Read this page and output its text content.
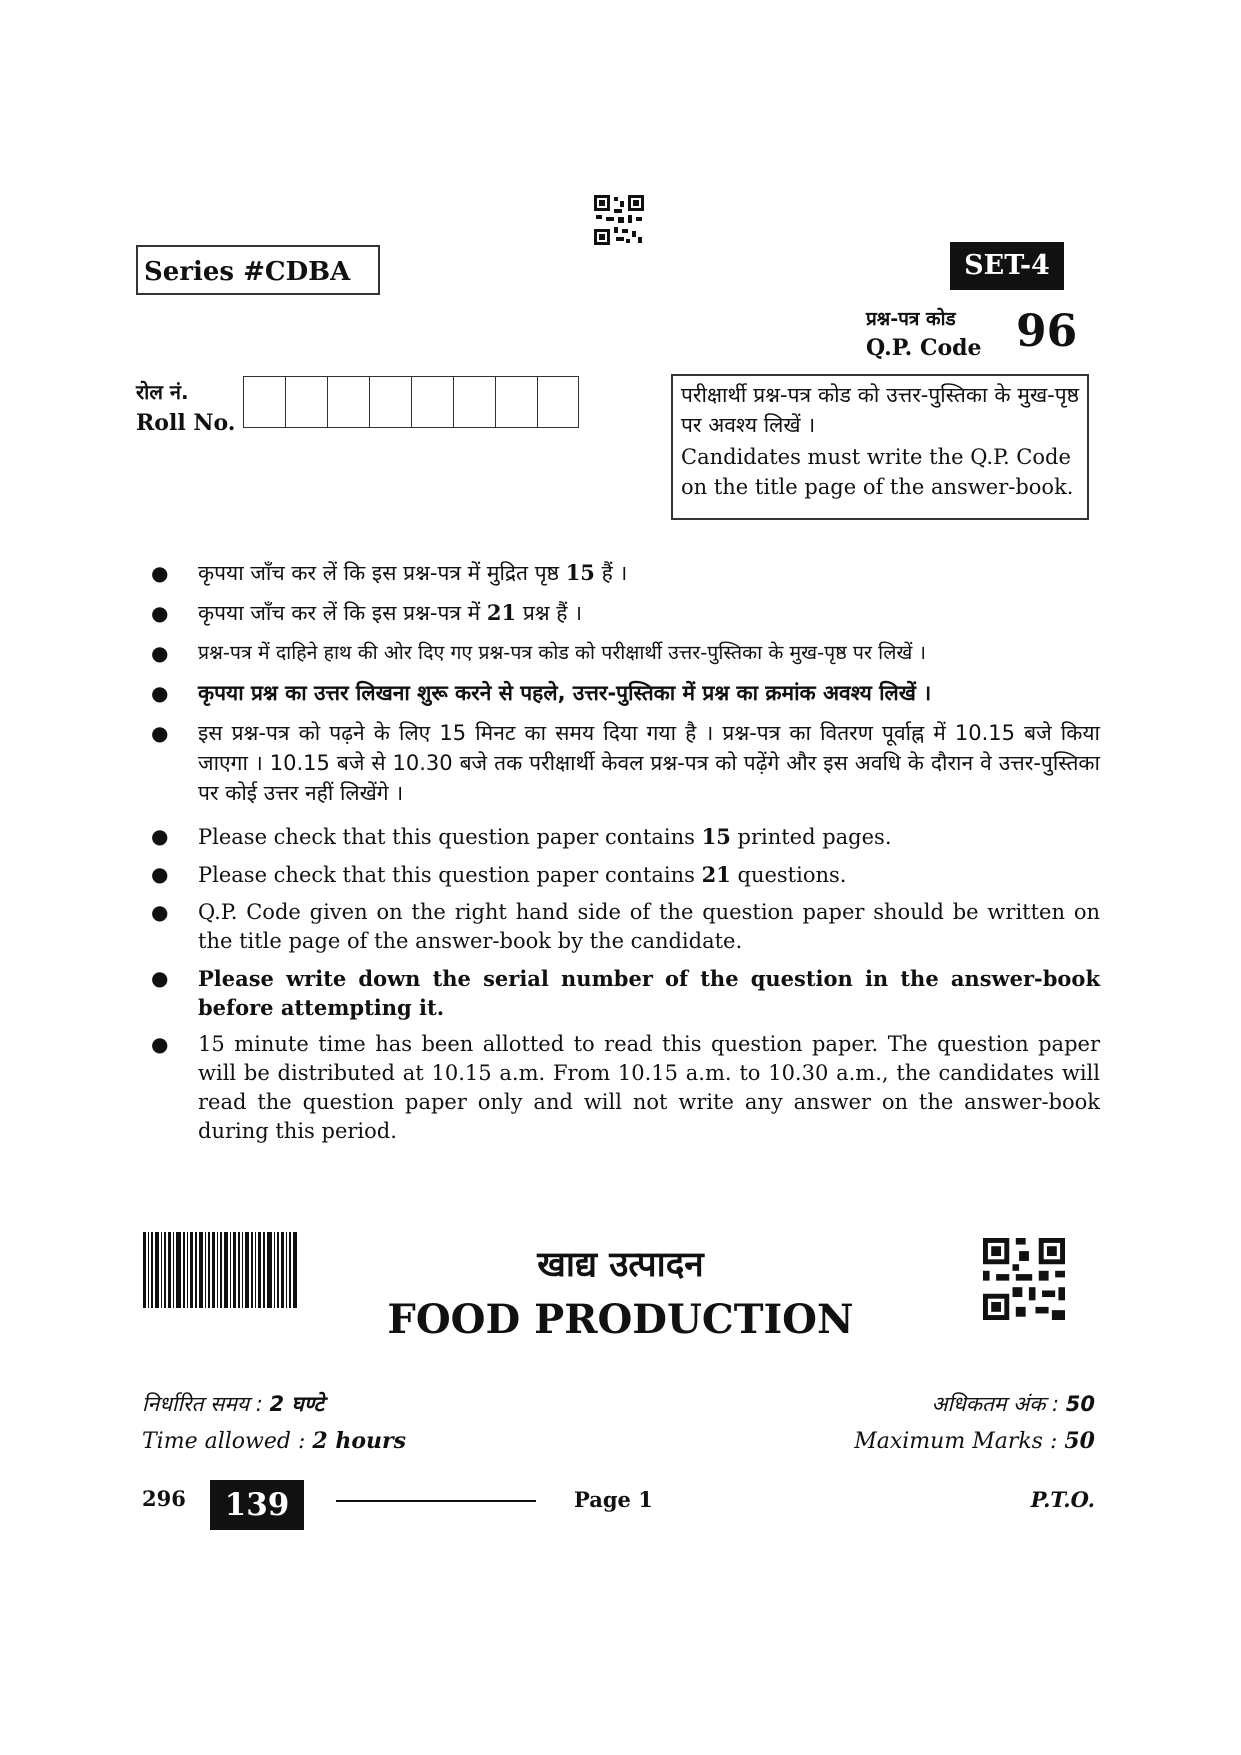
Series #CDBA	SET-4
प्रश्न-पत्र कोड
Q.P. Code 96
रोल नं.
Roll No.

परीक्षार्थी प्रश्न-पत्र कोड को उत्तर-पुस्तिका के मुख-पृष्ठ पर अवश्य लिखें ।

Candidates must write the Q.P. Code on the title page of the answer-book.

● कृपया जाँच कर लें कि इस प्रश्न-पत्र में मुद्रित पृष्ठ 15 हैं ।
● कृपया जाँच कर लें कि इस प्रश्न-पत्र में 21 प्रश्न हैं ।
● प्रश्न-पत्र में दाहिने हाथ की ओर दिए गए प्रश्न-पत्र कोड को परीक्षार्थी उत्तर-पुस्तिका के मुख-पृष्ठ पर लिखें ।
● कृपया प्रश्न का उत्तर लिखना शुरू करने से पहले, उत्तर-पुस्तिका में प्रश्न का क्रमांक अवश्य लिखें ।
● इस प्रश्न-पत्र को पढ़ने के लिए 15 मिनट का समय दिया गया है । प्रश्न-पत्र का वितरण पूर्वाह्न में 10.15 बजे किया जाएगा । 10.15 बजे से 10.30 बजे तक परीक्षार्थी केवल प्रश्न-पत्र को पढ़ेंगे और इस अवधि के दौरान वे उत्तर-पुस्तिका पर कोई उत्तर नहीं लिखेंगे ।
● Please check that this question paper contains 15 printed pages.
● Please check that this question paper contains 21 questions.
● Q.P. Code given on the right hand side of the question paper should be written on the title page of the answer-book by the candidate.
● Please write down the serial number of the question in the answer-book before attempting it.
● 15 minute time has been allotted to read this question paper. The question paper will be distributed at 10.15 a.m. From 10.15 a.m. to 10.30 a.m., the candidates will read the question paper only and will not write any answer on the answer-book during this period.
खाद्य उत्पादन
FOOD PRODUCTION
निर्धारित समय : 2 घण्टे
Time allowed : 2 hours
अधिकतम अंक : 50
Maximum Marks : 50
296	139	Page 1	P.T.O.
